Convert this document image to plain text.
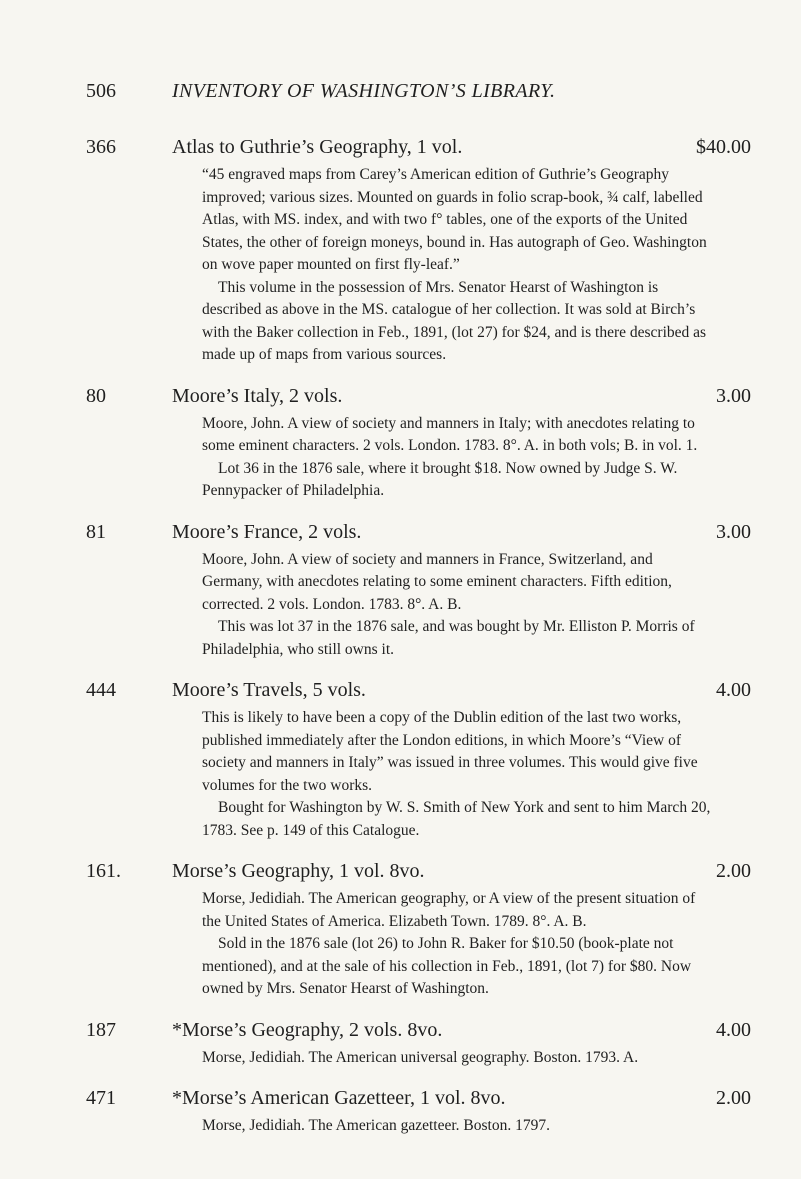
506	INVENTORY OF WASHINGTON’S LIBRARY.
366	Atlas to Guthrie’s Geography, 1 vol.	$40.00

“45 engraved maps from Carey’s American edition of Guthrie’s Geography improved; various sizes. Mounted on guards in folio scrap-book, ¾ calf, labelled Atlas, with MS. index, and with two f° tables, one of the exports of the United States, the other of foreign moneys, bound in. Has autograph of Geo. Washington on wove paper mounted on first fly-leaf.”

This volume in the possession of Mrs. Senator Hearst of Washington is described as above in the MS. catalogue of her collection. It was sold at Birch’s with the Baker collection in Feb., 1891, (lot 27) for $24, and is there described as made up of maps from various sources.

80	Moore’s Italy, 2 vols.	3.00

Moore, John. A view of society and manners in Italy; with anecdotes relating to some eminent characters. 2 vols. London. 1783. 8°. A. in both vols; B. in vol. 1.

Lot 36 in the 1876 sale, where it brought $18. Now owned by Judge S. W. Pennypacker of Philadelphia.

81	Moore’s France, 2 vols.	3.00

Moore, John. A view of society and manners in France, Switzerland, and Germany, with anecdotes relating to some eminent characters. Fifth edition, corrected. 2 vols. London. 1783. 8°. A. B.

This was lot 37 in the 1876 sale, and was bought by Mr. Elliston P. Morris of Philadelphia, who still owns it.

444	Moore’s Travels, 5 vols.	4.00

This is likely to have been a copy of the Dublin edition of the last two works, published immediately after the London editions, in which Moore’s “View of society and manners in Italy” was issued in three volumes. This would give five volumes for the two works.

Bought for Washington by W. S. Smith of New York and sent to him March 20, 1783. See p. 149 of this Catalogue.

161.	Morse’s Geography, 1 vol. 8vo.	2.00

Morse, Jedidiah. The American geography, or A view of the present situation of the United States of America. Elizabeth Town. 1789. 8°. A. B.

Sold in the 1876 sale (lot 26) to John R. Baker for $10.50 (book-plate not mentioned), and at the sale of his collection in Feb., 1891, (lot 7) for $80. Now owned by Mrs. Senator Hearst of Washington.

187	*Morse’s Geography, 2 vols. 8vo.	4.00

Morse, Jedidiah. The American universal geography. Boston. 1793. A.

471	*Morse’s American Gazetteer, 1 vol. 8vo.	2.00

Morse, Jedidiah. The American gazetteer. Boston. 1797.
